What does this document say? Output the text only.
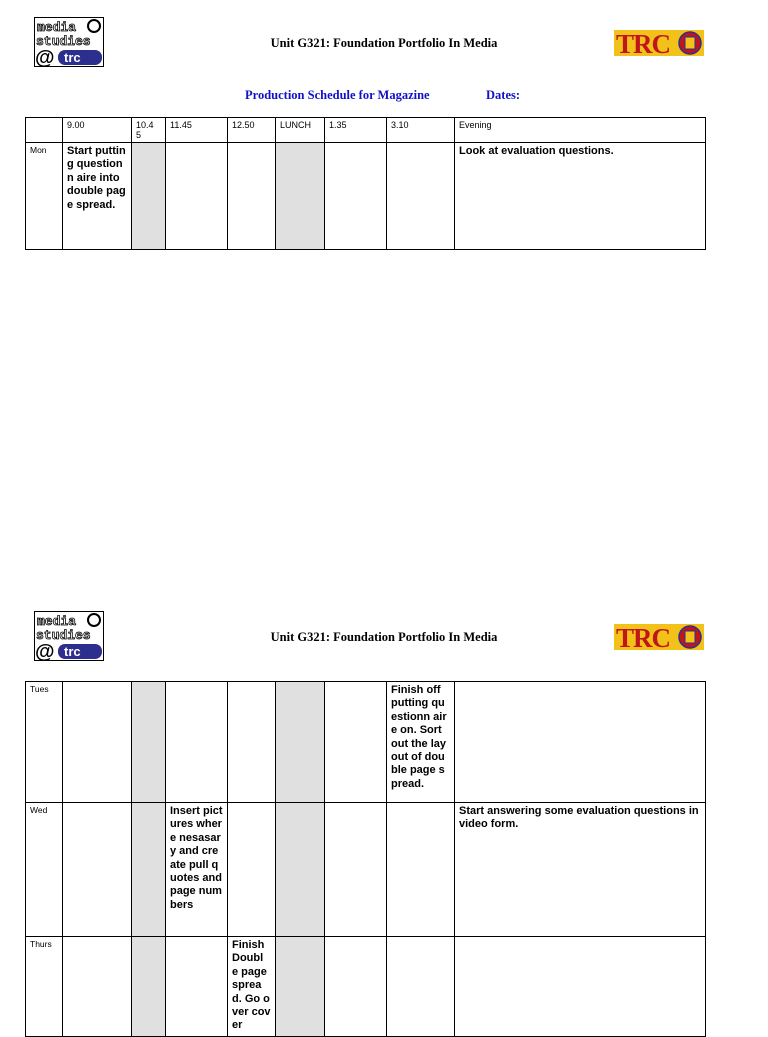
media
studies
@ trc
Unit G321: Foundation Portfolio In Media	TRC
Production Schedule for Magazine	Dates:
	9.00	10.4 5	11.45	12.50	LUNCH	1.35	3.10	Evening
Mon	Start putting questionn aire into double page spread.							Look at evaluation questions.
media
studies
@ trc
Unit G321: Foundation Portfolio In Media	TRC
Tues							Finish off putting questionn aire on. Sort out the layout of double page spread.	
Wed			Insert pictures where nesasary and create pull quotes and page numbers					Start answering some evaluation questions in video form.
Thurs				Finish Doubl e page sprea d. Go over cover				
